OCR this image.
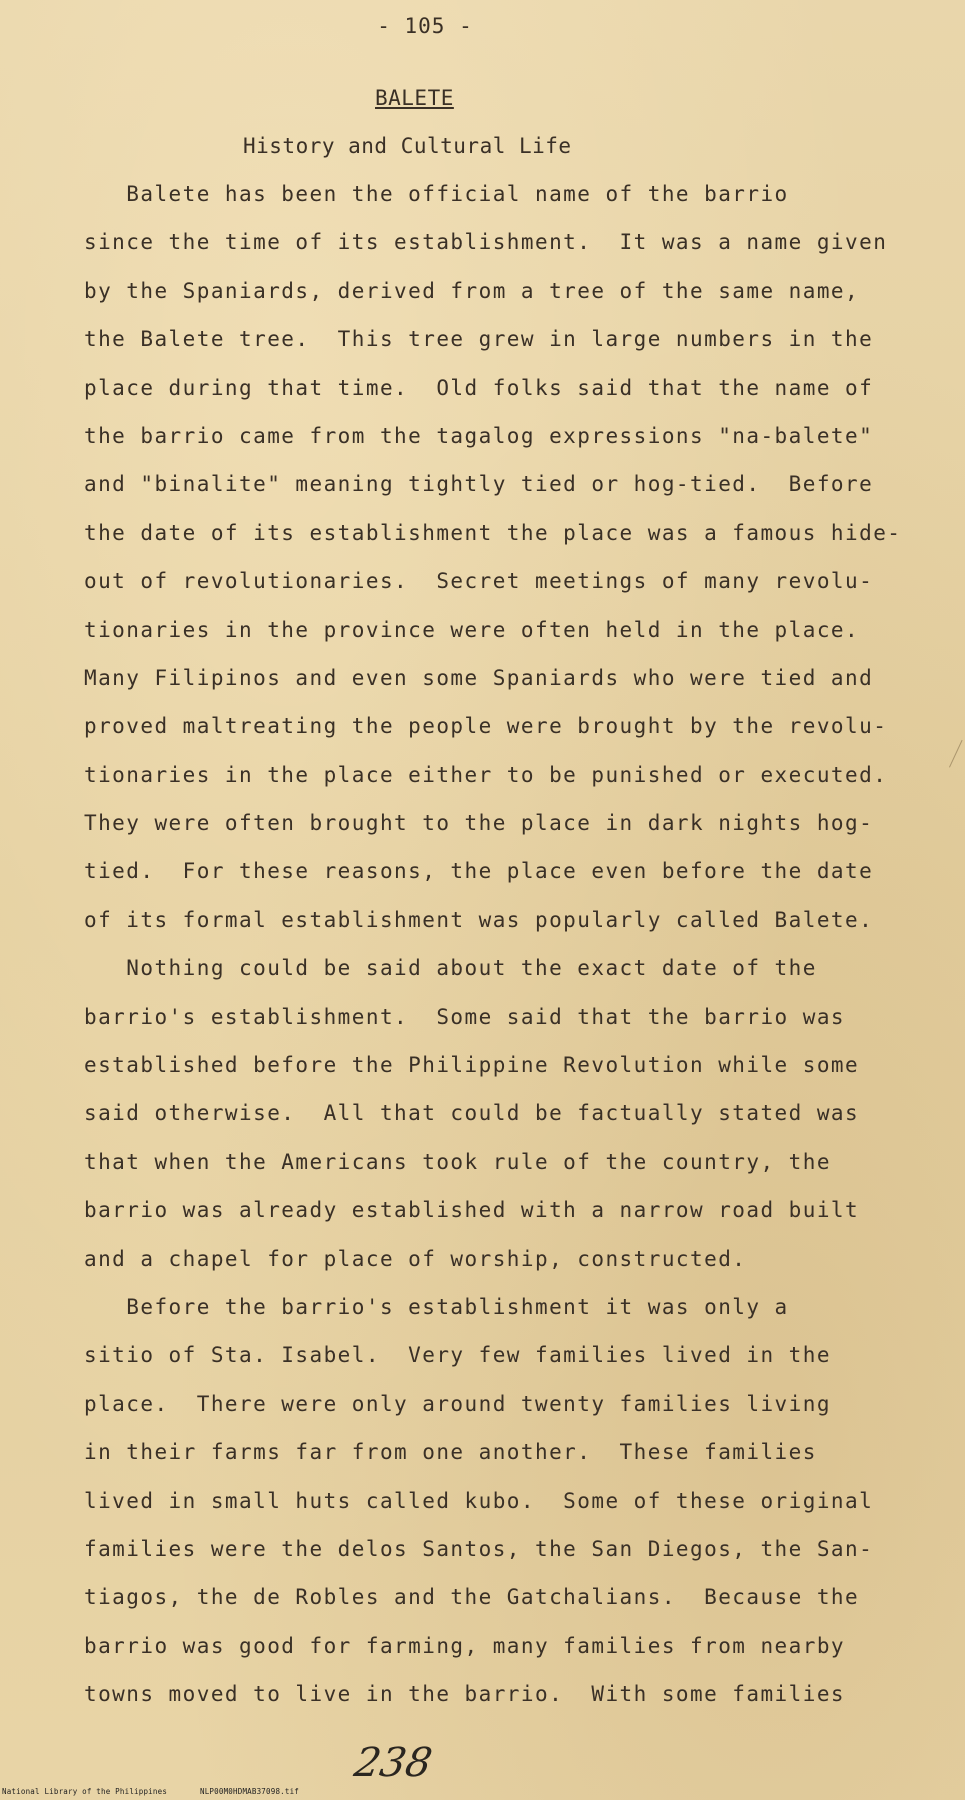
- 105 -
BALETE
History and Cultural Life
Balete has been the official name of the barrio
since the time of its establishment.  It was a name given
by the Spaniards, derived from a tree of the same name,
the Balete tree.  This tree grew in large numbers in the
place during that time.  Old folks said that the name of
the barrio came from the tagalog expressions "na-balete"
and "binalite" meaning tightly tied or hog-tied.  Before
the date of its establishment the place was a famous hide-
out of revolutionaries.  Secret meetings of many revolu-
tionaries in the province were often held in the place.
Many Filipinos and even some Spaniards who were tied and
proved maltreating the people were brought by the revolu-
tionaries in the place either to be punished or executed.
They were often brought to the place in dark nights hog-
tied.  For these reasons, the place even before the date
of its formal establishment was popularly called Balete.
Nothing could be said about the exact date of the
barrio's establishment.  Some said that the barrio was
established before the Philippine Revolution while some
said otherwise.  All that could be factually stated was
that when the Americans took rule of the country, the
barrio was already established with a narrow road built
and a chapel for place of worship, constructed.
Before the barrio's establishment it was only a
sitio of Sta. Isabel.  Very few families lived in the
place.  There were only around twenty families living
in their farms far from one another.  These families
lived in small huts called kubo.  Some of these original
families were the delos Santos, the San Diegos, the San-
tiagos, the de Robles and the Gatchalians.  Because the
barrio was good for farming, many families from nearby
towns moved to live in the barrio.  With some families
238
National Library of the Philippines	NLP00M0HDMAB37098.tif
